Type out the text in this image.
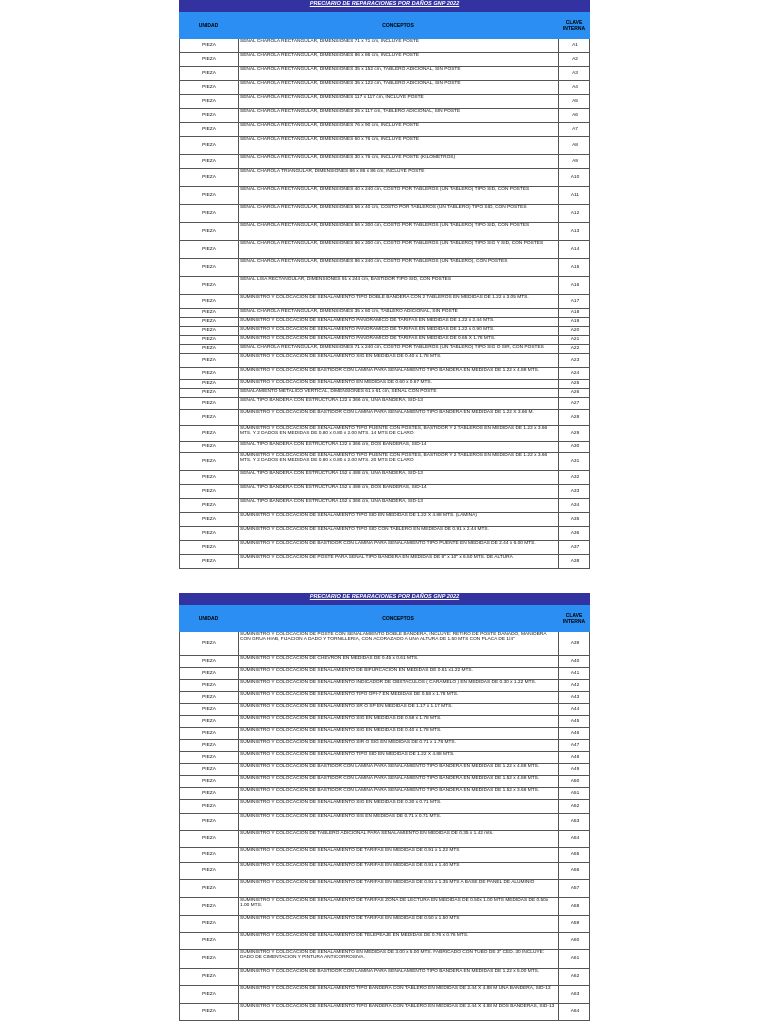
PRECIARIO DE REPARACIONES POR DAÑOS GNP 2022
UNIDAD	CONCEPTOS	CLAVE INTERNA
PIEZA
SEÑAL CHAROLA RECTANGULAR, DIMENSIONES 71 x 71 cm, INCLUYE POSTE
A1
PIEZA
SEÑAL CHAROLA RECTANGULAR, DIMENSIONES 86 x 86 cm, INCLUYE POSTE
A2
PIEZA
SEÑAL CHAROLA RECTANGULAR, DIMENSIONES 35 x 152 cm, TABLERO ADICIONAL, SIN POSTE
A3
PIEZA
SEÑAL CHAROLA RECTANGULAR, DIMENSIONES 35 x 122 cm, TABLERO ADICIONAL, SIN POSTE
A4
PIEZA
SEÑAL CHAROLA RECTANGULAR, DIMENSIONES 117 x 117 cm, INCLUYE POSTE
A5
PIEZA
SEÑAL CHAROLA RECTANGULAR, DIMENSIONES 25 x 117 cm, TABLERO ADICIONAL, SIN POSTE
A6
PIEZA
SEÑAL CHAROLA RECTANGULAR, DIMENSIONES 76 x 90 cm, INCLUYE POSTE
A7
PIEZA
SEÑAL CHAROLA RECTANGULAR, DIMENSIONES 60 x 76 cm, INCLUYE POSTE
A8
PIEZA
SEÑAL CHAROLA RECTANGULAR, DIMENSIONES 30 x 76 cm, INCLUYE POSTE (KILOMETROS)
A9
PIEZA
SEÑAL CHAROLA TRIANGULAR, DIMENSIONES 86 x 86 x 86 cm, INCLUYE POSTE
A10
PIEZA
SEÑAL CHAROLA RECTANGULAR, DIMENSIONES 40 x 240 cm, COSTO POR TABLEROS (UN TABLERO) TIPO SID, CON POSTES
A11
PIEZA
SEÑAL CHAROLA RECTANGULAR, DIMENSIONES 56 x 40 cm, COSTO POR TABLEROS (UN TABLERO) TIPO SID, CON POSTES
A12
PIEZA
SEÑAL CHAROLA RECTANGULAR, DIMENSIONES 56 x 300 cm, COSTO POR TABLEROS (UN TABLERO) TIPO SID, CON POSTES
A13
PIEZA
SEÑAL CHAROLA RECTANGULAR, DIMENSIONES 86 x 300 cm, COSTO POR TABLEROS (UN TABLERO) TIPO SIG Y SID, CON POSTES
A14
PIEZA
SEÑAL CHAROLA RECTANGULAR, DIMENSIONES 86 x 240 cm, COSTO POR TABLEROS (UN TABLERO), CON POSTES
A15
PIEZA
SEÑAL LISA RECTANGULAR, DIMENSIONES 91 x 244 cm, BASTIDOR TIPO SID, CON POSTES
A16
PIEZA
SUMINISTRO Y COLOCACION DE SEÑALAMIENTO TIPO DOBLE BANDERA CON 2 TABLEROS EN MEDIDAS DE 1.22 x 3.05 MTS.
A17
PIEZA	SEÑAL CHAROLA RECTANGULAR, DIMENSIONES 35 x 60 cm, TABLERO ADICIONAL, SIN POSTE	A18
PIEZA	SUMINISTRO Y COLOCACION DE SEÑALAMIENTO PANORAMICO DE TARIFAS EN MEDIDAS DE 1.22 x 2.44 MTS.	A19
PIEZA	SUMINISTRO Y COLOCACION DE SEÑALAMIENTO PANORAMICO DE TARIFAS EN MEDIDAS DE 1.22 x 0.90 MTS.	A20
PIEZA	SUMINISTRO Y COLOCACION DE SEÑALAMIENTO PANORAMICO DE TARIFAS EN MEDIDAS DE 0.65 X 1.78 MTS.	A21
PIEZA	SEÑAL CHAROLA RECTANGULAR, DIMENSIONES 71 x 240 cm, COSTO POR TABLEROS (UN TABLERO) TIPO SIG O SIR, CON POSTES	A22
PIEZA
SUMINISTRO Y COLOCACION DE SEÑALAMIENTO SIG EN MEDIDAS DE 0.40 x 1.78 MTS.
A23
PIEZA
SUMINISTRO Y COLOCACION DE BASTIDOR CON LAMINA PARA SEÑALAMIENTO TIPO BANDERA EN MEDIDAS DE 1.22 x 4.88 MTS.
A24
PIEZA	SUMINISTRO Y COLOCACION DE SEÑALAMIENTO EN MEDIDAS DE 0.60 x 0.67 MTS.	A25
PIEZA	SEÑALAMIENTO METALICO VERTICAL, DIMENSIONES 61 x 61 cm, SEÑAL CON POSTE	A26
PIEZA
SEÑAL TIPO BANDERA CON ESTRUCTURA 122 x 366 cm, UNA BANDERA, SID-13
A27
PIEZA
SUMINISTRO Y COLOCACION DE BASTIDOR CON LAMINA PARA SEÑALAMIENTO TIPO BANDERA EN MEDIDAS DE 1.22 X 3.66 M.
A28
PIEZA
SUMINISTRO Y COLOCACION DE SEÑALAMIENTO TIPO PUENTE CON POSTES, BASTIDOR Y 2 TABLEROS EN MEDIDAS DE 1.22 x 3.66 MTS. Y 2 DADOS EN MEDIDAS DE 0.80 x 0.80 x 2.00 MTS. 14 MTS DE CLARO	A29
PIEZA	SEÑAL TIPO BANDERA CON ESTRUCTURA 122 x 366 cm, DOS BANDERAS, SID-14	A30
PIEZA
SUMINISTRO Y COLOCACION DE SEÑALAMIENTO TIPO PUENTE CON POSTES, BASTIDOR Y 2 TABLEROS EN MEDIDAS DE 1.22 x 3.66 MTS. Y 2 DADOS EN MEDIDAS DE 0.80 x 0.80 x 2.00 MTS. 20 MTS DE CLARO	A31
PIEZA
SEÑAL TIPO BANDERA CON ESTRUCTURA 152 x 488 cm, UNA BANDERA, SID-13
A32
PIEZA
SEÑAL TIPO BANDERA CON ESTRUCTURA 152 x 488 cm, DOS BANDERAS, SID-14
A33
PIEZA
SEÑAL TIPO BANDERA CON ESTRUCTURA 152 x 366 cm, UNA BANDERA, SID-13
A34
PIEZA
SUMINISTRO Y COLOCACION DE SEÑALAMIENTO TIPO SID EN MEDIDAS DE 1.22 X 4.88 MTS. (LAMINA)
A35
PIEZA
SUMINISTRO Y COLOCACION DE SEÑALAMIENTO TIPO SID CON TABLERO EN MEDIDAS DE 0.91 x 2.44 MTS.
A36
PIEZA
SUMINISTRO Y COLOCACION DE BASTIDOR CON LAMINA PARA SEÑALAMIENTO TIPO PUENTE EN MEDIDAS DE 2.44 x 6.00 MTS.
A37
PIEZA
SUMINISTRO Y COLOCACION DE POSTE PARA SEÑAL TIPO BANDERA EN MEDIDAS DE 8" x 10" x 6.50 MTS. DE ALTURA
A38
PRECIARIO DE REPARACIONES POR DAÑOS GNP 2022
UNIDAD	CONCEPTOS	CLAVE INTERNA
PIEZA
SUMINISTRO Y COLOCACION DE POSTE CON SEÑALAMIENTO DOBLE BANDERA, INCLUYE: RETIRO DE POSTE DAÑADO, MANIOBRA CON GRUA HIAB, FIJACION A DADO Y TORNILLERIA, CON ACORAZADO A UNA ALTURA DE 1.50 MTS CON PLACA DE 1/4"
A39
PIEZA
SUMINISTRO Y COLOCACION DE CHEVRON EN MEDIDAS DE 0.45 x 0.61 MTS.
A40
PIEZA
SUMINISTRO Y COLOCACION DE SEÑALAMIENTO DE BIFURCACION EN MEDIDAS DE 0.61 x1.22 MTS.
A41
PIEZA
SUMINISTRO Y COLOCACION DE SEÑALAMIENTO INDICADOR DE OBSTACULOS ( CARAMELO ) EN MEDIDAS DE 0.30 x 1.22 MTS.
A42
PIEZA
SUMINISTRO Y COLOCACION DE SEÑALAMIENTO TIPO OPI-7 EN MEDIDAS DE 0.58 x 1.78 MTS.
A43
PIEZA
SUMINISTRO Y COLOCACION DE SEÑALAMIENTO SR O SP EN MEDIDAS DE 1.17 x 1.17 MTS.
A44
PIEZA
SUMINISTRO Y COLOCACION DE SEÑALAMIENTO SIG EN MEDIDAS DE 0.58 x 1.78 MTS.
A45
PIEZA
SUMINISTRO Y COLOCACION DE SEÑALAMIENTO SIG EN MEDIDAS DE 0.40 x 1.78 MTS.
A46
PIEZA
SUMINISTRO Y COLOCACION DE SEÑALAMIENTO SIR O SIG EN MEDIDAS DE 0.71 x 1.78 MTS.
A47
PIEZA
SUMINISTRO Y COLOCACION DE SEÑALAMIENTO TIPO SID EN MEDIDAS DE 1.22 X 4.88 MTS.
A48
PIEZA
SUMINISTRO Y COLOCACION DE BASTIDOR CON LAMINA PARA SEÑALAMIENTO TIPO BANDERA EN MEDIDAS DE 1.22 x 4.88 MTS.
A49
PIEZA
SUMINISTRO Y COLOCACION DE BASTIDOR CON LAMINA PARA SEÑALAMIENTO TIPO BANDERA EN MEDIDAS DE 1.52 x 4.88 MTS.
A50
PIEZA
SUMINISTRO Y COLOCACION DE BASTIDOR CON LAMINA PARA SEÑALAMIENTO TIPO BANDERA EN MEDIDAS DE 1.52 x 3.66 MTS.
A51
PIEZA
SUMINISTRO Y COLOCACION DE SEÑALAMIENTO SIG EN MEDIDAS DE 0.30 x 0.71 MTS.
A52
PIEZA
SUMINISTRO Y COLOCACION DE SEÑALAMIENTO SIS EN MEDIDAS DE 0.71 x 0.71 MTS.
A53
PIEZA
SUMINISTRO Y COLOCACION DE TABLERO ADICIONAL PARA SEÑALAMIENTO EN MEDIDAS DE 0.35 x 1.42 mts.
A54
PIEZA
SUMINISTRO Y COLOCACION DE SEÑALAMIENTO DE TARIFAS EN MEDIDAS DE 0.91 x 1.22 MTS
A55
PIEZA
SUMINISTRO Y COLOCACION DE SEÑALAMIENTO DE TARIFAS EN MEDIDAS DE 0.91 x 1.40 MTS
A56
PIEZA
SUMINISTRO Y COLOCACION DE SEÑALAMIENTO DE TARIFAS EN MEDIDAS DE 0.91 x 1.35 MTS A BASE DE PANEL DE ALUMINIO
A57
PIEZA
SUMINISTRO Y COLOCACION DE SEÑALAMIENTO DE TARIFAS ZONA DE LECTURA EN MEDIDAS DE 0.50x 1.00 MTS MEDIDAS DE 0.50x 1.00 MTS.	A58
PIEZA
SUMINISTRO Y COLOCACION DE SEÑALAMIENTO DE TARIFAS EN MEDIDAS DE 0.50 x 1.50 MTS
A59
PIEZA
SUMINISTRO Y COLOCACION DE SEÑALAMIENTO DE TELEPEAJE EN MEDIDAS DE 0.76 x 0.76 MTS.
A60
PIEZA
SUMINISTRO Y COLOCACION DE SEÑALAMIENTO EN MEDIDAS DE 3.00 x 5.00 MTS. FABRICADO CON TUBO DE 3" CED. 30 INCLUYE: DADO DE CIMENTACION Y PINTURA ANTICORROSIVA.	A61
PIEZA
SUMINISTRO Y COLOCACION DE BASTIDOR CON LAMINA PARA SEÑALAMIENTO TIPO BANDERA EN MEDIDAS DE 1.22 x 5.00 MTS.
A62
PIEZA
SUMINISTRO Y COLOCACION DE SEÑALAMIENTO TIPO BANDERA CON TABLERO EN MEDIDAS DE 2.44 X 4.88 M UNA BANDERA, SID-13
A63
PIEZA
SUMINISTRO Y COLOCACION DE SEÑALAMIENTO TIPO BANDERA CON TABLERO EN MEDIDAS DE 2.44 X 4.88 M DOS BANDERAS, SID-13
A64
